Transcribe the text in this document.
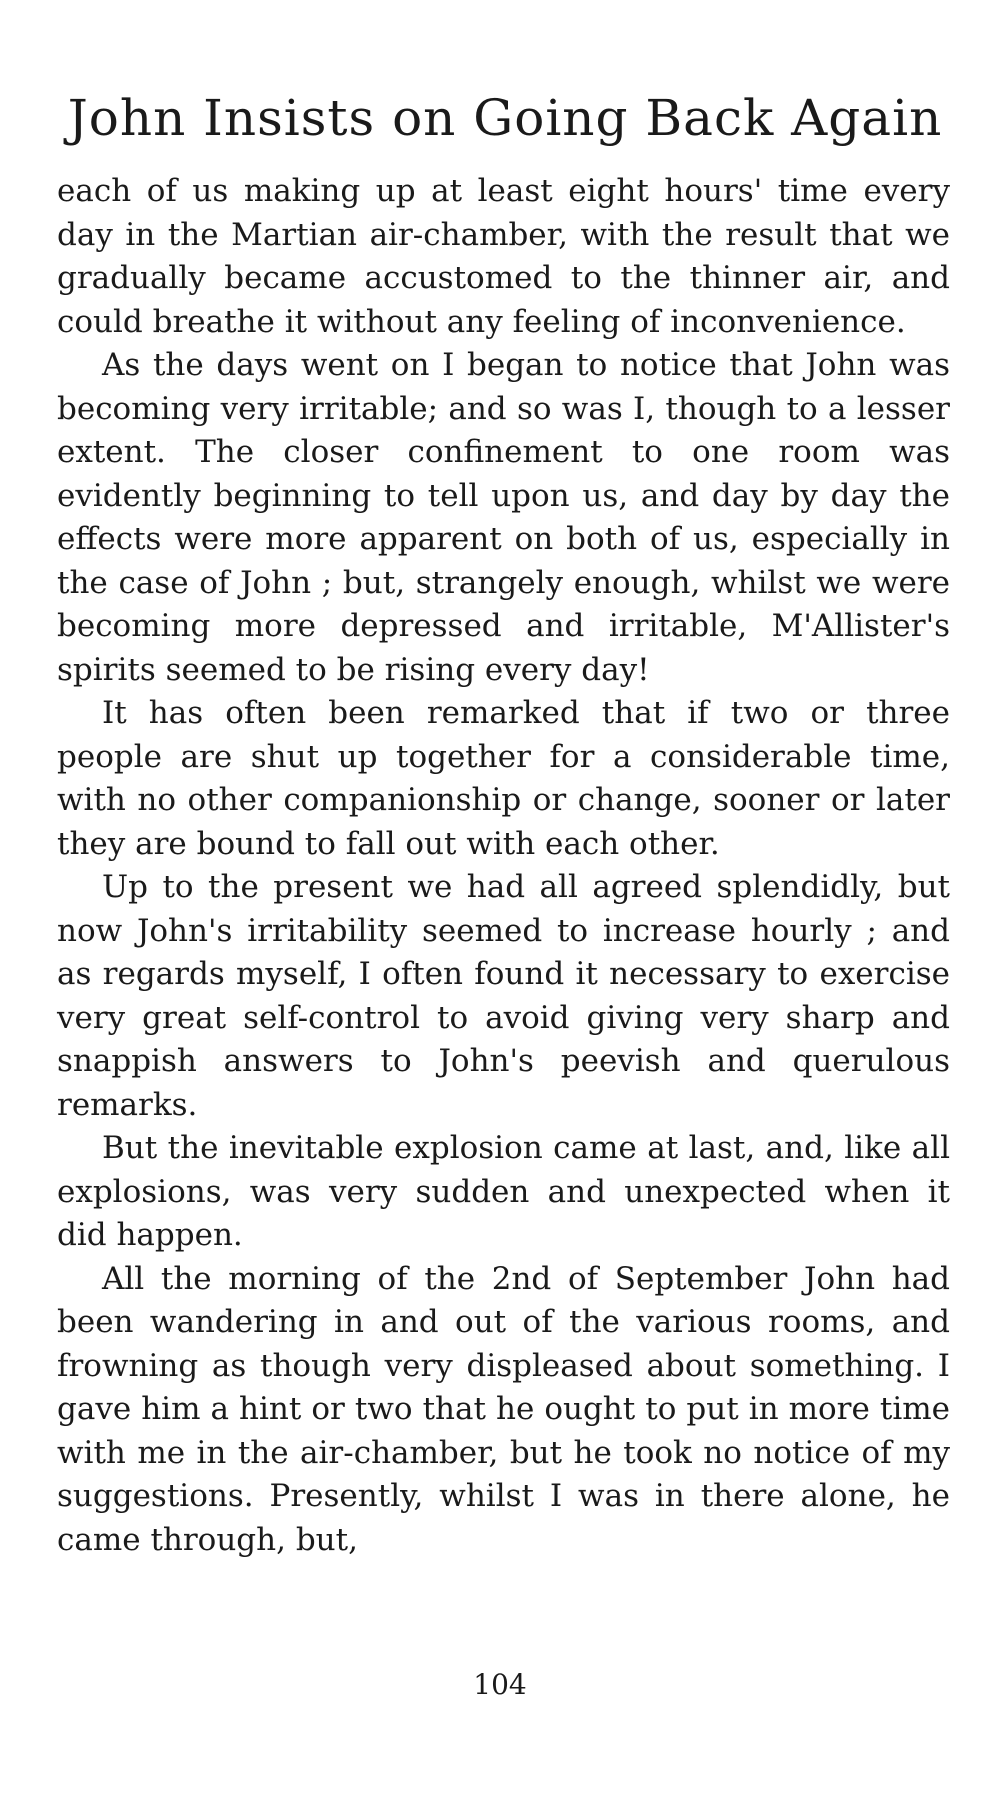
John Insists on Going Back Again

each of us making up at least eight hours' time every day in the Martian air-chamber, with the result that we gradually became accustomed to the thinner air, and could breathe it without any feeling of inconvenience.

As the days went on I began to notice that John was becoming very irritable; and so was I, though to a lesser extent. The closer confinement to one room was evidently beginning to tell upon us, and day by day the effects were more apparent on both of us, especially in the case of John ; but, strangely enough, whilst we were becoming more depressed and irritable, M'Allister's spirits seemed to be rising every day!

It has often been remarked that if two or three people are shut up together for a considerable time, with no other companionship or change, sooner or later they are bound to fall out with each other.

Up to the present we had all agreed splendidly, but now John's irritability seemed to increase hourly ; and as regards myself, I often found it necessary to exercise very great self-control to avoid giving very sharp and snappish answers to John's peevish and querulous remarks.

But the inevitable explosion came at last, and, like all explosions, was very sudden and unexpected when it did happen.

All the morning of the 2nd of September John had been wandering in and out of the various rooms, and frowning as though very displeased about something. I gave him a hint or two that he ought to put in more time with me in the air-chamber, but he took no notice of my suggestions. Presently, whilst I was in there alone, he came through, but,

104
